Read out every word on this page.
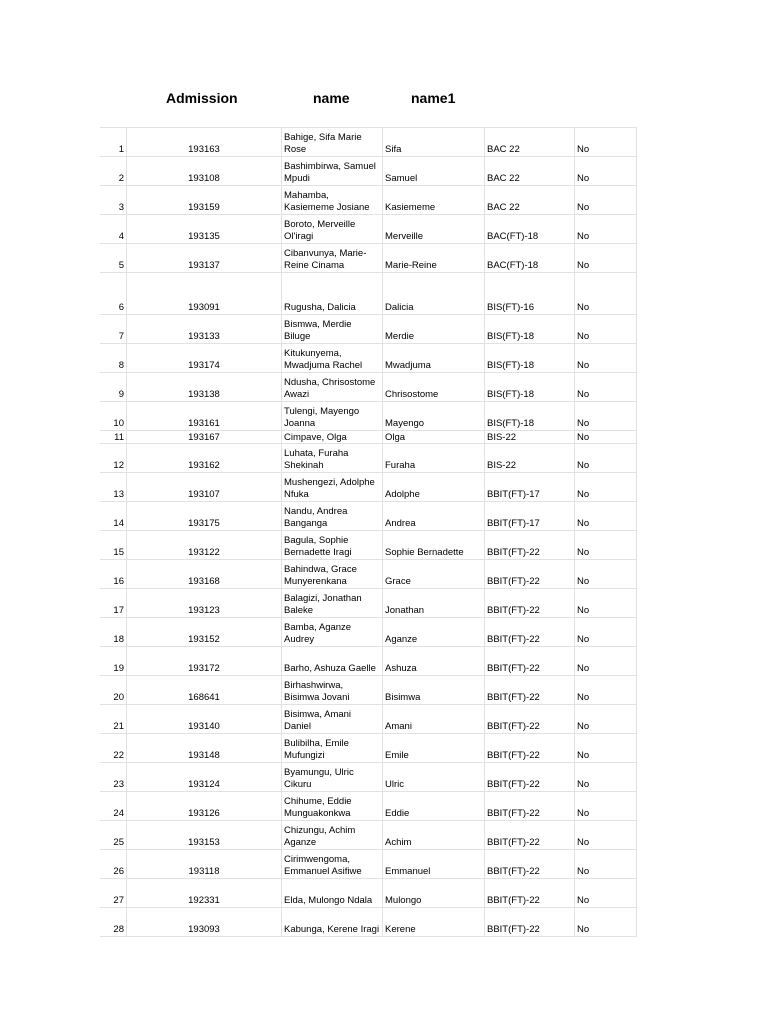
Admission	name	name1
1	193163	Bahige, Sifa Marie Rose	Sifa	BAC 22	No
2	193108	Bashimbirwa, Samuel Mpudi	Samuel	BAC 22	No
3	193159	Mahamba, Kasiememe Josiane	Kasiememe	BAC 22	No
4	193135	Boroto, Merveille Ol'iragi	Merveille	BAC(FT)-18	No
5	193137	Cibanvunya, Marie-Reine Cinama	Marie-Reine	BAC(FT)-18	No
6	193091	Rugusha, Dalicia	Dalicia	BIS(FT)-16	No
7	193133	Bismwa, Merdie Biluge	Merdie	BIS(FT)-18	No
8	193174	Kitukunyema, Mwadjuma Rachel	Mwadjuma	BIS(FT)-18	No
9	193138	Ndusha, Chrisostome Awazi	Chrisostome	BIS(FT)-18	No
10	193161	Tulengi, Mayengo Joanna	Mayengo	BIS(FT)-18	No
11	193167	Cimpave, Olga	Olga	BIS-22	No
12	193162	Luhata, Furaha Shekinah	Furaha	BIS-22	No
13	193107	Mushengezi, Adolphe Nfuka	Adolphe	BBIT(FT)-17	No
14	193175	Nandu, Andrea Banganga	Andrea	BBIT(FT)-17	No
15	193122	Bagula, Sophie Bernadette Iragi	Sophie Bernadette	BBIT(FT)-22	No
16	193168	Bahindwa, Grace Munyerenkana	Grace	BBIT(FT)-22	No
17	193123	Balagizi, Jonathan Baleke	Jonathan	BBIT(FT)-22	No
18	193152	Bamba, Aganze Audrey	Aganze	BBIT(FT)-22	No
19	193172	Barho, Ashuza Gaelle	Ashuza	BBIT(FT)-22	No
20	168641	Birhashwirwa, Bisimwa Jovani	Bisimwa	BBIT(FT)-22	No
21	193140	Bisimwa, Amani Daniel	Amani	BBIT(FT)-22	No
22	193148	Bulibilha, Emile Mufungizi	Emile	BBIT(FT)-22	No
23	193124	Byamungu, Ulric Cikuru	Ulric	BBIT(FT)-22	No
24	193126	Chihume, Eddie Munguakonkwa	Eddie	BBIT(FT)-22	No
25	193153	Chizungu, Achim Aganze	Achim	BBIT(FT)-22	No
26	193118	Cirimwengoma, Emmanuel Asifiwe	Emmanuel	BBIT(FT)-22	No
27	192331	Elda, Mulongo Ndala	Mulongo	BBIT(FT)-22	No
28	193093	Kabunga, Kerene Iragi	Kerene	BBIT(FT)-22	No
